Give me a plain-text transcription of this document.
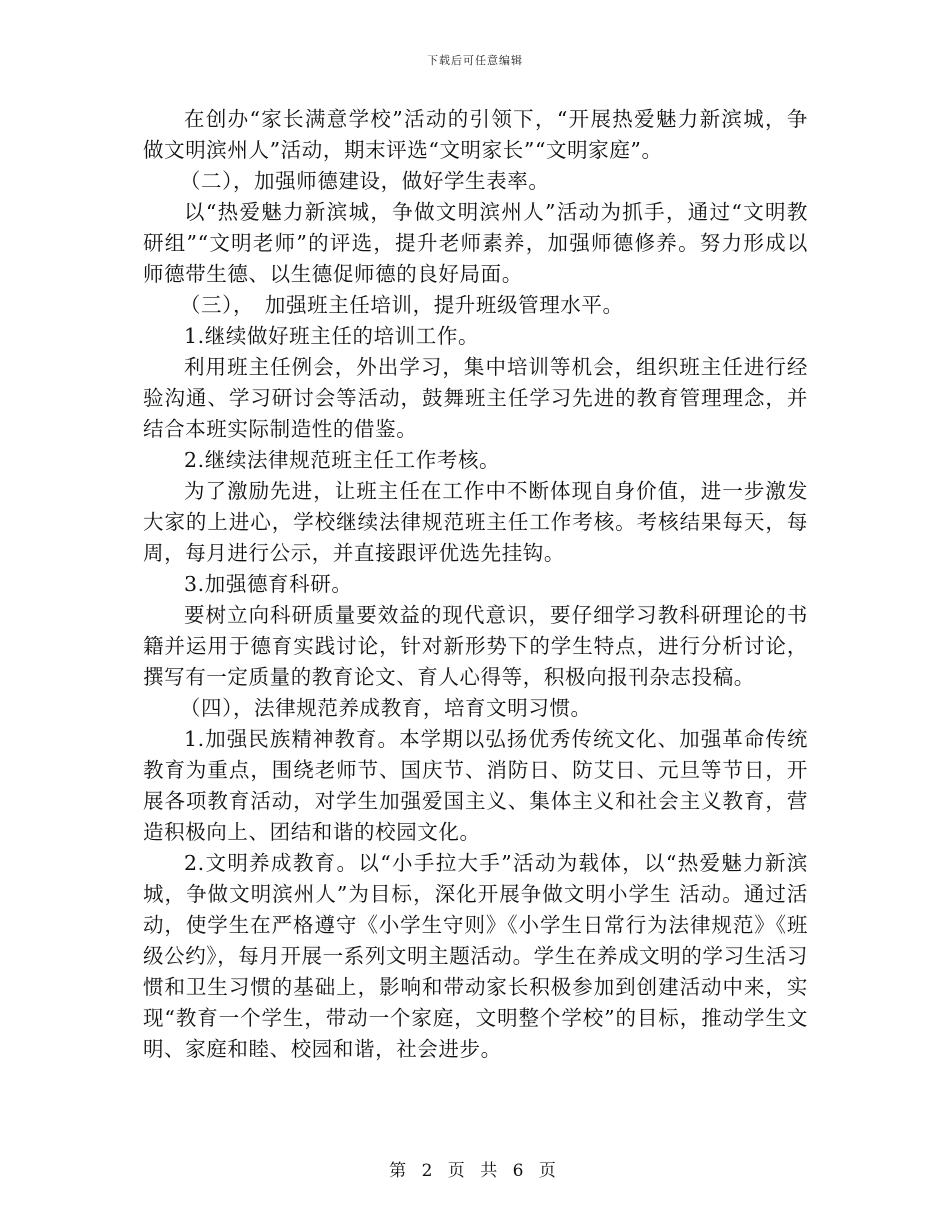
下载后可任意编辑

在创办“家长满意学校”活动的引领下，“开展热爱魅力新滨城，争做文明滨州人”活动，期末评选“文明家长”“文明家庭”。

（二），加强师德建设，做好学生表率。

以“热爱魅力新滨城，争做文明滨州人”活动为抓手，通过“文明教研组”“文明老师”的评选，提升老师素养，加强师德修养。努力形成以师德带生德、以生德促师德的良好局面。

（三），　加强班主任培训，提升班级管理水平。

1.继续做好班主任的培训工作。

利用班主任例会，外出学习，集中培训等机会，组织班主任进行经验沟通、学习研讨会等活动，鼓舞班主任学习先进的教育管理理念，并结合本班实际制造性的借鉴。

2.继续法律规范班主任工作考核。

为了激励先进，让班主任在工作中不断体现自身价值，进一步激发大家的上进心，学校继续法律规范班主任工作考核。考核结果每天，每周，每月进行公示，并直接跟评优选先挂钩。

3.加强德育科研。

要树立向科研质量要效益的现代意识，要仔细学习教科研理论的书籍并运用于德育实践讨论，针对新形势下的学生特点，进行分析讨论，撰写有一定质量的教育论文、育人心得等，积极向报刊杂志投稿。

（四），法律规范养成教育，培育文明习惯。

1.加强民族精神教育。本学期以弘扬优秀传统文化、加强革命传统教育为重点，围绕老师节、国庆节、消防日、防艾日、元旦等节日，开展各项教育活动，对学生加强爱国主义、集体主义和社会主义教育，营造积极向上、团结和谐的校园文化。

2.文明养成教育。以“小手拉大手”活动为载体，以“热爱魅力新滨城，争做文明滨州人”为目标，深化开展争做文明小学生 活动。通过活动，使学生在严格遵守《小学生守则》《小学生日常行为法律规范》《班级公约》，每月开展一系列文明主题活动。学生在养成文明的学习生活习惯和卫生习惯的基础上，影响和带动家长积极参加到创建活动中来，实现“教育一个学生，带动一个家庭，文明整个学校”的目标，推动学生文明、家庭和睦、校园和谐，社会进步。

第 2 页 共 6 页
